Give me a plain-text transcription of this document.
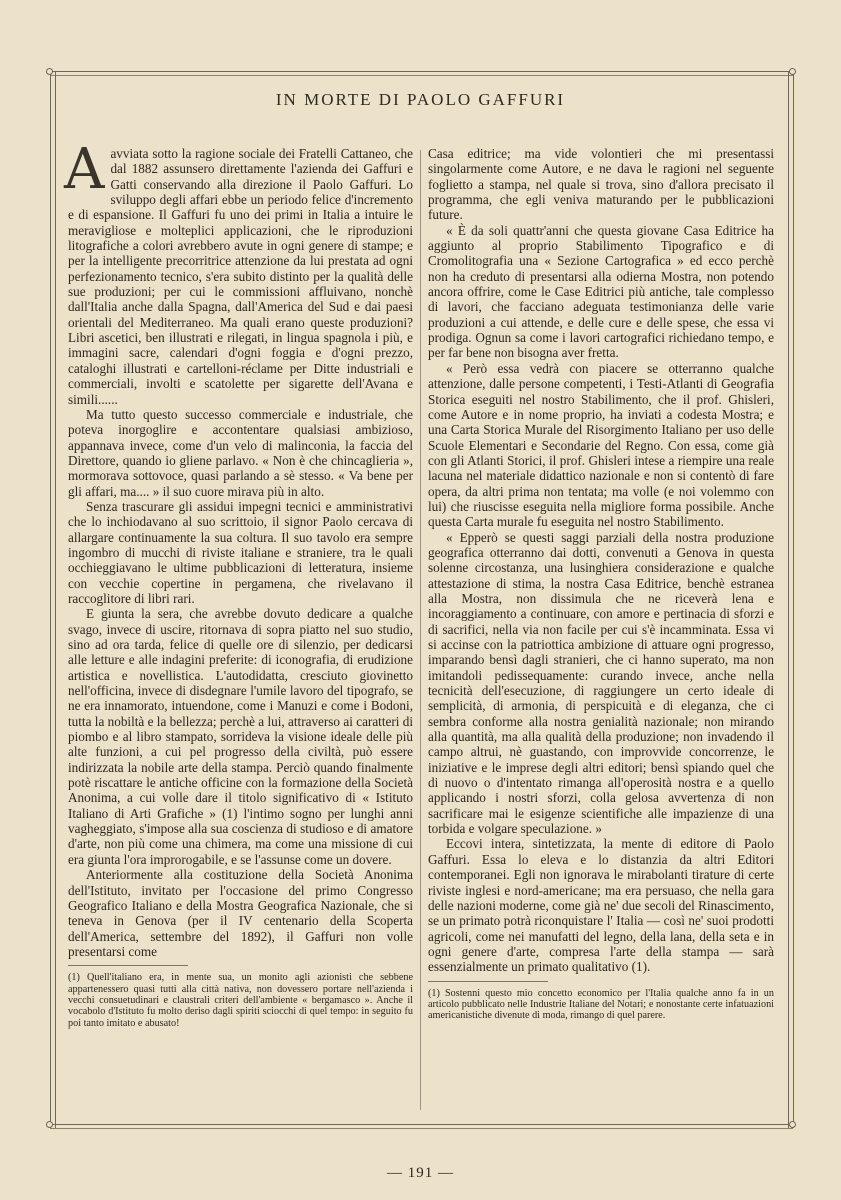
IN MORTE DI PAOLO GAFFURI

Aavviata sotto la ragione sociale dei Fratelli Cattaneo, che dal 1882 assunsero direttamente l'azienda dei Gaffuri e Gatti conservando alla direzione il Paolo Gaffuri. Lo sviluppo degli affari ebbe un periodo felice d'incremento e di espansione. Il Gaffuri fu uno dei primi in Italia a intuire le meravigliose e molteplici applicazioni, che le riproduzioni litografiche a colori avrebbero avute in ogni genere di stampe; e per la intelligente precorritrice attenzione da lui prestata ad ogni perfezionamento tecnico, s'era subito distinto per la qualità delle sue produzioni; per cui le commissioni affluivano, nonchè dall'Italia anche dalla Spagna, dall'America del Sud e dai paesi orientali del Mediterraneo. Ma quali erano queste produzioni? Libri ascetici, ben illustrati e rilegati, in lingua spagnola i più, e immagini sacre, calendari d'ogni foggia e d'ogni prezzo, cataloghi illustrati e cartelloni-réclame per Ditte industriali e commerciali, involti e scatolette per sigarette dell'Avana e simili......

Ma tutto questo successo commerciale e industriale, che poteva inorgoglire e accontentare qualsiasi ambizioso, appannava invece, come d'un velo di malinconia, la faccia del Direttore, quando io gliene parlavo. « Non è che chincaglieria », mormorava sottovoce, quasi parlando a sè stesso. « Va bene per gli affari, ma.... » il suo cuore mirava più in alto.

Senza trascurare gli assidui impegni tecnici e amministrativi che lo inchiodavano al suo scrittoio, il signor Paolo cercava di allargare continuamente la sua coltura. Il suo tavolo era sempre ingombro di mucchi di riviste italiane e straniere, tra le quali occhieggiavano le ultime pubblicazioni di letteratura, insieme con vecchie copertine in pergamena, che rivelavano il raccoglitore di libri rari.

E giunta la sera, che avrebbe dovuto dedicare a qualche svago, invece di uscire, ritornava di sopra piatto nel suo studio, sino ad ora tarda, felice di quelle ore di silenzio, per dedicarsi alle letture e alle indagini preferite: di iconografia, di erudizione artistica e novellistica. L'autodidatta, cresciuto giovinetto nell'officina, invece di disdegnare l'umile lavoro del tipografo, se ne era innamorato, intuendone, come i Manuzi e come i Bodoni, tutta la nobiltà e la bellezza; perchè a lui, attraverso ai caratteri di piombo e al libro stampato, sorrideva la visione ideale delle più alte funzioni, a cui pel progresso della civiltà, può essere indirizzata la nobile arte della stampa. Perciò quando finalmente potè riscattare le antiche officine con la formazione della Società Anonima, a cui volle dare il titolo significativo di « Istituto Italiano di Arti Grafiche » (1) l'intimo sogno per lunghi anni vagheggiato, s'impose alla sua coscienza di studioso e di amatore d'arte, non più come una chimera, ma come una missione di cui era giunta l'ora improrogabile, e se l'assunse come un dovere.

Anteriormente alla costituzione della Società Anonima dell'Istituto, invitato per l'occasione del primo Congresso Geografico Italiano e della Mostra Geografica Nazionale, che si teneva in Genova (per il IV centenario della Scoperta dell'America, settembre del 1892), il Gaffuri non volle presentarsi come

(1) Quell'italiano era, in mente sua, un monito agli azionisti che sebbene appartenessero quasi tutti alla città nativa, non dovessero portare nell'azienda i vecchi consuetudinari e claustrali criteri dell'ambiente « bergamasco ». Anche il vocabolo d'Istituto fu molto deriso dagli spiriti sciocchi di quel tempo: in seguito fu poi tanto imitato e abusato!

Casa editrice; ma vide volontieri che mi presentassi singolarmente come Autore, e ne dava le ragioni nel seguente foglietto a stampa, nel quale si trova, sino d'allora precisato il programma, che egli veniva maturando per le pubblicazioni future.

« È da soli quattr'anni che questa giovane Casa Editrice ha aggiunto al proprio Stabilimento Tipografico e di Cromolitografia una « Sezione Cartografica » ed ecco perchè non ha creduto di presentarsi alla odierna Mostra, non potendo ancora offrire, come le Case Editrici più antiche, tale complesso di lavori, che facciano adeguata testimonianza delle varie produzioni a cui attende, e delle cure e delle spese, che essa vi prodiga. Ognun sa come i lavori cartografici richiedano tempo, e per far bene non bisogna aver fretta.

« Però essa vedrà con piacere se otterranno qualche attenzione, dalle persone competenti, i Testi-Atlanti di Geografia Storica eseguiti nel nostro Stabilimento, che il prof. Ghisleri, come Autore e in nome proprio, ha inviati a codesta Mostra; e una Carta Storica Murale del Risorgimento Italiano per uso delle Scuole Elementari e Secondarie del Regno. Con essa, come già con gli Atlanti Storici, il prof. Ghisleri intese a riempire una reale lacuna nel materiale didattico nazionale e non si contentò di fare opera, da altri prima non tentata; ma volle (e noi volemmo con lui) che riuscisse eseguita nella migliore forma possibile. Anche questa Carta murale fu eseguita nel nostro Stabilimento.

« Epperò se questi saggi parziali della nostra produzione geografica otterranno dai dotti, convenuti a Genova in questa solenne circostanza, una lusinghiera considerazione e qualche attestazione di stima, la nostra Casa Editrice, benchè estranea alla Mostra, non dissimula che ne riceverà lena e incoraggiamento a continuare, con amore e pertinacia di sforzi e di sacrifici, nella via non facile per cui s'è incamminata. Essa vi si accinse con la patriottica ambizione di attuare ogni progresso, imparando bensì dagli stranieri, che ci hanno superato, ma non imitandoli pedissequamente: curando invece, anche nella tecnicità dell'esecuzione, di raggiungere un certo ideale di semplicità, di armonia, di perspicuità e di eleganza, che ci sembra conforme alla nostra genialità nazionale; non mirando alla quantità, ma alla qualità della produzione; non invadendo il campo altrui, nè guastando, con improvvide concorrenze, le iniziative e le imprese degli altri editori; bensì spiando quel che di nuovo o d'intentato rimanga all'operosità nostra e a quello applicando i nostri sforzi, colla gelosa avvertenza di non sacrificare mai le esigenze scientifiche alle impazienze di una torbida e volgare speculazione. »

Eccovi intera, sintetizzata, la mente di editore di Paolo Gaffuri. Essa lo eleva e lo distanzia da altri Editori contemporanei. Egli non ignorava le mirabolanti tirature di certe riviste inglesi e nord-americane; ma era persuaso, che nella gara delle nazioni moderne, come già ne' due secoli del Rinascimento, se un primato potrà riconquistare l' Italia — così ne' suoi prodotti agricoli, come nei manufatti del legno, della lana, della seta e in ogni genere d'arte, compresa l'arte della stampa — sarà essenzialmente un primato qualitativo (1).

(1) Sostenni questo mio concetto economico per l'Italia qualche anno fa in un articolo pubblicato nelle Industrie Italiane del Notari; e nonostante certe infatuazioni americanistiche divenute di moda, rimango di quel parere.
— 191 —
